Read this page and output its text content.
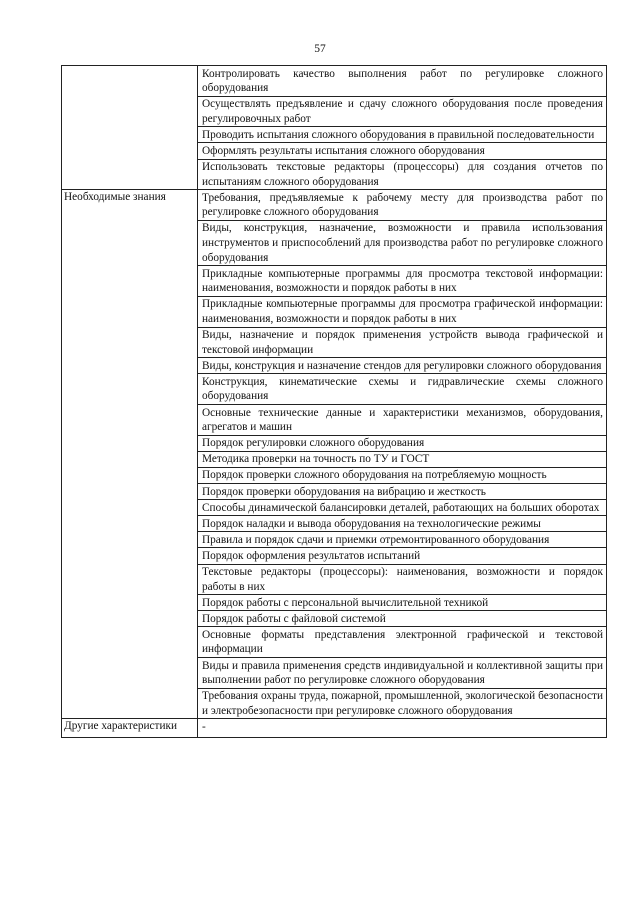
57
	Контролировать качество выполнения работ по регулировке сложного оборудования
	Осуществлять предъявление и сдачу сложного оборудования после проведения регулировочных работ
	Проводить испытания сложного оборудования в правильной последовательности
	Оформлять результаты испытания сложного оборудования
	Использовать текстовые редакторы (процессоры) для создания отчетов по испытаниям сложного оборудования
Необходимые знания	Требования, предъявляемые к рабочему месту для производства работ по регулировке сложного оборудования
	Виды, конструкция, назначение, возможности и правила использования инструментов и приспособлений для производства работ по регулировке сложного оборудования
	Прикладные компьютерные программы для просмотра текстовой информации: наименования, возможности и порядок работы в них
	Прикладные компьютерные программы для просмотра графической информации: наименования, возможности и порядок работы в них
	Виды, назначение и порядок применения устройств вывода графической и текстовой информации
	Виды, конструкция и назначение стендов для регулировки сложного оборудования
	Конструкция, кинематические схемы и гидравлические схемы сложного оборудования
	Основные технические данные и характеристики механизмов, оборудования, агрегатов и машин
	Порядок регулировки сложного оборудования
	Методика проверки на точность по ТУ и ГОСТ
	Порядок проверки сложного оборудования на потребляемую мощность
	Порядок проверки оборудования на вибрацию и жесткость
	Способы динамической балансировки деталей, работающих на больших оборотах
	Порядок наладки и вывода оборудования на технологические режимы
	Правила и порядок сдачи и приемки отремонтированного оборудования
	Порядок оформления результатов испытаний
	Текстовые редакторы (процессоры): наименования, возможности и порядок работы в них
	Порядок работы с персональной вычислительной техникой
	Порядок работы с файловой системой
	Основные форматы представления электронной графической и текстовой информации
	Виды и правила применения средств индивидуальной и коллективной защиты при выполнении работ по регулировке сложного оборудования
	Требования охраны труда, пожарной, промышленной, экологической безопасности и электробезопасности при регулировке сложного оборудования
Другие характеристики	-
